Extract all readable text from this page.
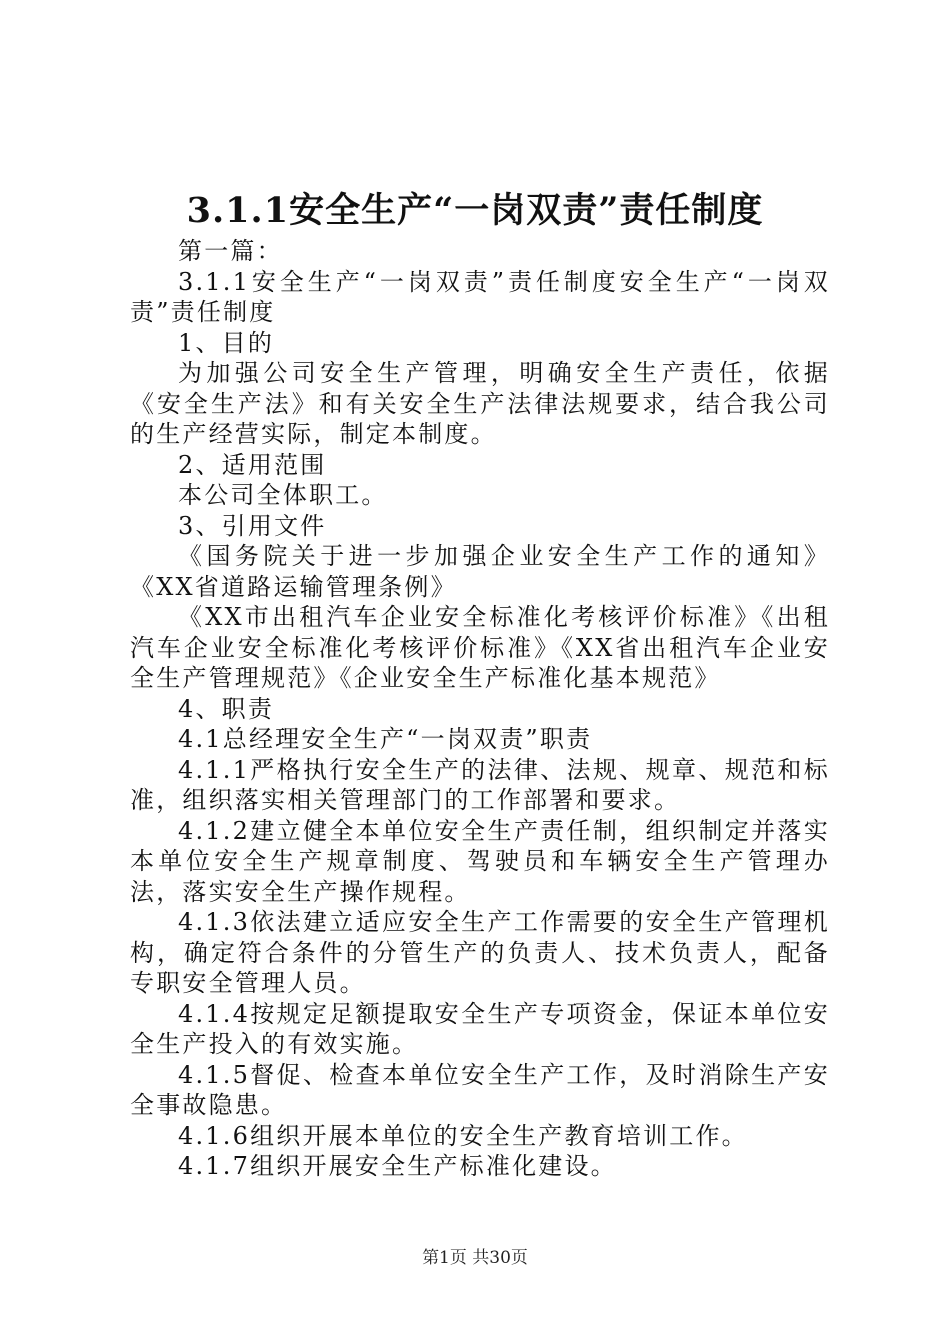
3.1.1安全生产“一岗双责”责任制度

第一篇：

3.1.1安全生产“一岗双责”责任制度安全生产“一岗双责”责任制度

1、目的

为加强公司安全生产管理，明确安全生产责任，依据《安全生产法》和有关安全生产法律法规要求，结合我公司的生产经营实际，制定本制度。

2、适用范围

本公司全体职工。

3、引用文件

《国务院关于进一步加强企业安全生产工作的通知》《XX省道路运输管理条例》

《XX市出租汽车企业安全标准化考核评价标准》《出租汽车企业安全标准化考核评价标准》《XX省出租汽车企业安全生产管理规范》《企业安全生产标准化基本规范》

4、职责

4.1总经理安全生产“一岗双责”职责

4.1.1严格执行安全生产的法律、法规、规章、规范和标准，组织落实相关管理部门的工作部署和要求。

4.1.2建立健全本单位安全生产责任制，组织制定并落实本单位安全生产规章制度、驾驶员和车辆安全生产管理办法，落实安全生产操作规程。

4.1.3依法建立适应安全生产工作需要的安全生产管理机构，确定符合条件的分管生产的负责人、技术负责人，配备专职安全管理人员。

4.1.4按规定足额提取安全生产专项资金，保证本单位安全生产投入的有效实施。

4.1.5督促、检查本单位安全生产工作，及时消除生产安全事故隐患。

4.1.6组织开展本单位的安全生产教育培训工作。

4.1.7组织开展安全生产标准化建设。

第1页 共30页
